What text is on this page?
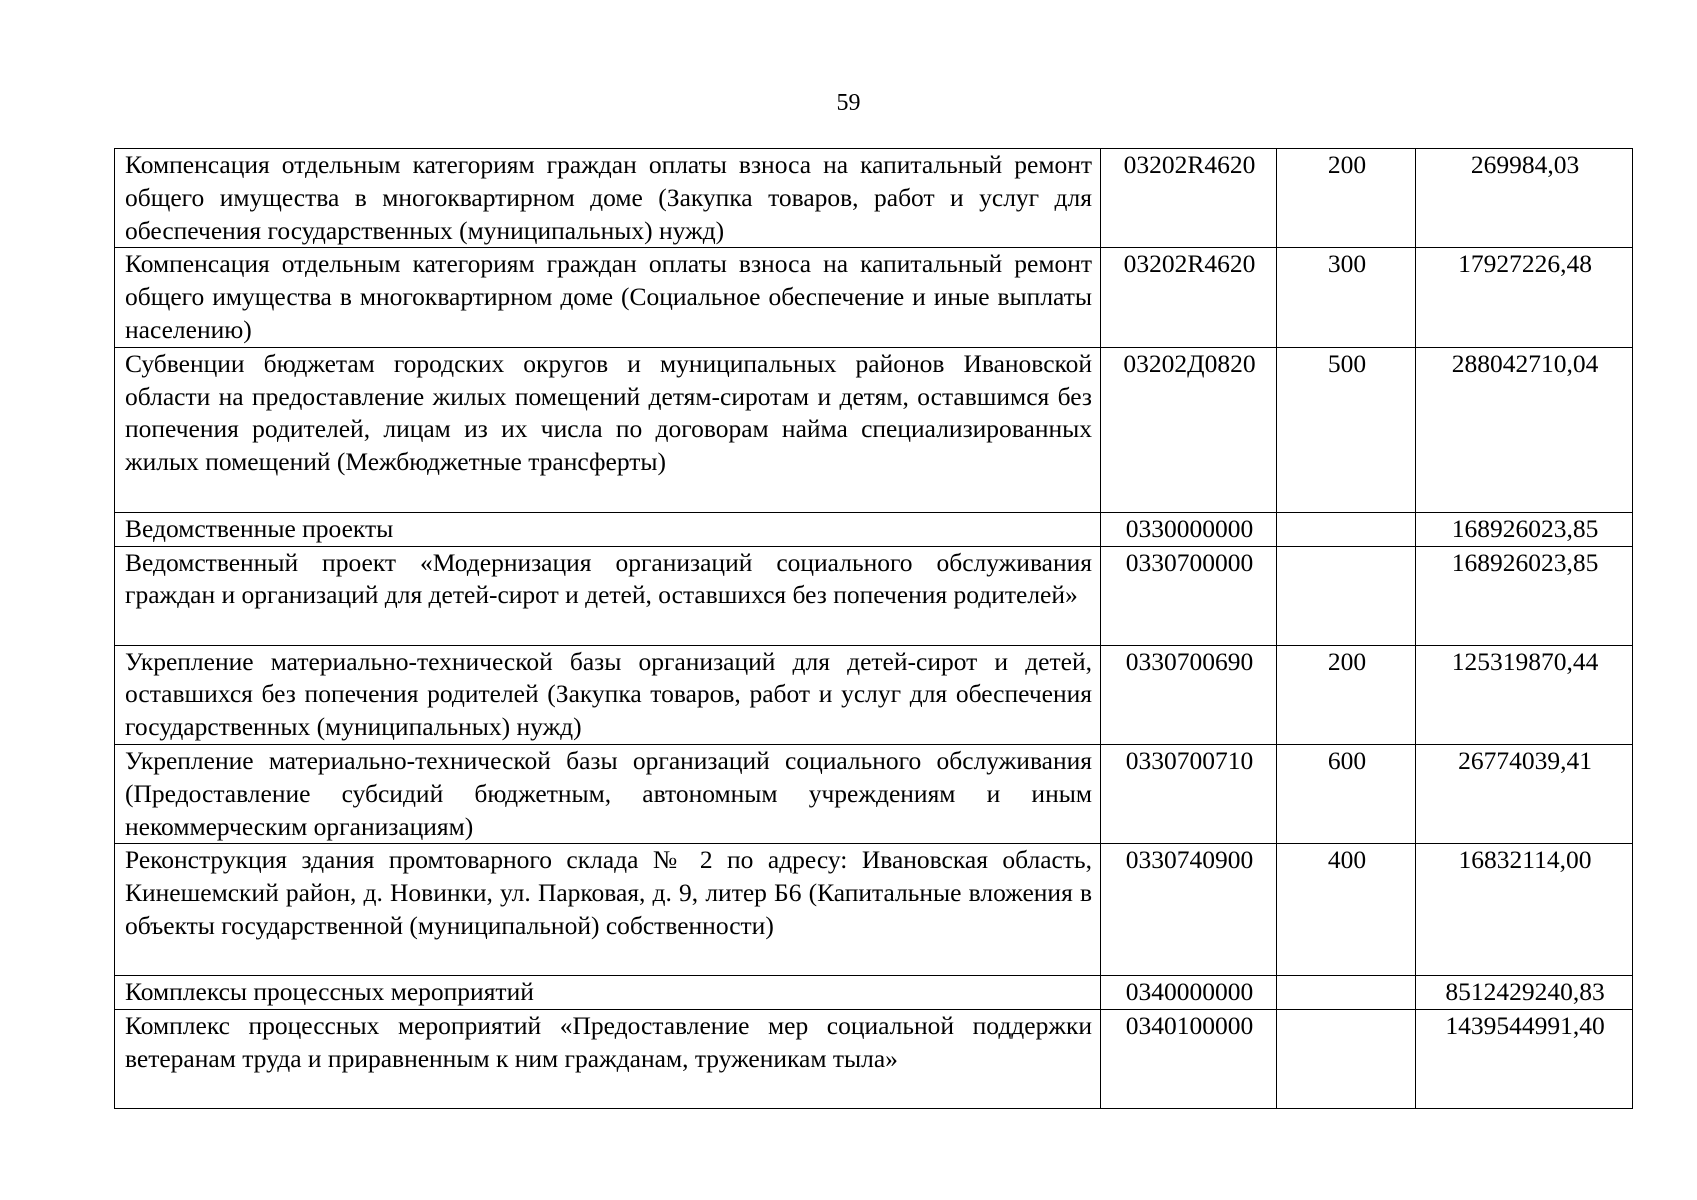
59
Компенсация отдельным категориям граждан оплаты взноса на капитальный ремонт общего имущества в многоквартирном доме (Закупка товаров, работ и услуг для обеспечения государственных (муниципальных) нужд)	03202R4620	200	269984,03
Компенсация отдельным категориям граждан оплаты взноса на капитальный ремонт общего имущества в многоквартирном доме (Социальное обеспечение и иные выплаты населению)	03202R4620	300	17927226,48
Субвенции бюджетам городских округов и муниципальных районов Ивановской области на предоставление жилых помещений детям-сиротам и детям, оставшимся без попечения родителей, лицам из их числа по договорам найма специализированных жилых помещений (Межбюджетные трансферты)	03202Д0820	500	288042710,04
Ведомственные проекты	0330000000		168926023,85
Ведомственный проект «Модернизация организаций социального обслуживания граждан и организаций для детей-сирот и детей, оставшихся без попечения родителей»	0330700000		168926023,85
Укрепление материально-технической базы организаций для детей-сирот и детей, оставшихся без попечения родителей (Закупка товаров, работ и услуг для обеспечения государственных (муниципальных) нужд)	0330700690	200	125319870,44
Укрепление материально-технической базы организаций социального обслуживания (Предоставление субсидий бюджетным, автономным учреждениям и иным некоммерческим организациям)	0330700710	600	26774039,41
Реконструкция здания промтоварного склада № 2 по адресу: Ивановская область, Кинешемский район, д. Новинки, ул. Парковая, д. 9, литер Б6 (Капитальные вложения в объекты государственной (муниципальной) собственности)	0330740900	400	16832114,00
Комплексы процессных мероприятий	0340000000		8512429240,83
Комплекс процессных мероприятий «Предоставление мер социальной поддержки ветеранам труда и приравненным к ним гражданам, труженикам тыла»	0340100000		1439544991,40
